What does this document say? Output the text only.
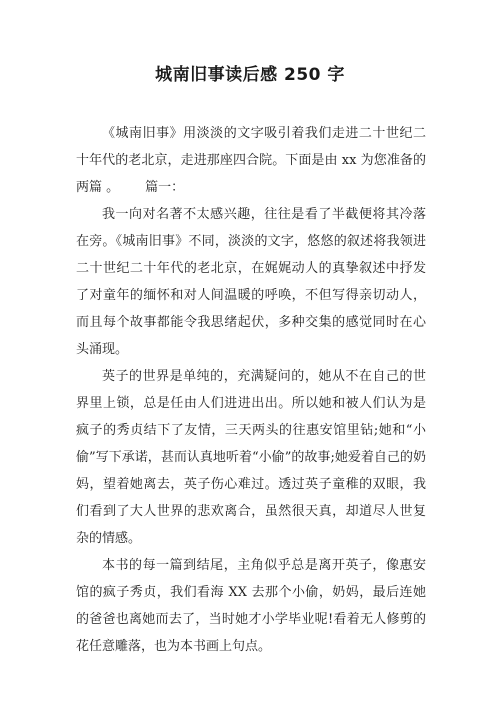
城南旧事读后感 250 字

《城南旧事》用淡淡的文字吸引着我们走进二十世纪二十年代的老北京，走进那座四合院。下面是由 xx 为您准备的两篇 。 篇一：

我一向对名著不太感兴趣，往往是看了半截便将其冷落在旁。《城南旧事》不同，淡淡的文字，悠悠的叙述将我领进二十世纪二十年代的老北京，在娓娓动人的真挚叙述中抒发了对童年的缅怀和对人间温暖的呼唤，不但写得亲切动人，而且每个故事都能令我思绪起伏，多种交集的感觉同时在心头涌现。

英子的世界是单纯的，充满疑问的，她从不在自己的世界里上锁，总是任由人们进进出出。所以她和被人们认为是疯子的秀贞结下了友情，三天两头的往惠安馆里钻;她和“小偷”写下承诺，甚而认真地听着“小偷”的故事;她爱着自己的奶妈，望着她离去，英子伤心难过。透过英子童稚的双眼，我们看到了大人世界的悲欢离合，虽然很天真，却道尽人世复杂的情感。

本书的每一篇到结尾，主角似乎总是离开英子，像惠安馆的疯子秀贞，我们看海 XX 去那个小偷，奶妈，最后连她的爸爸也离她而去了，当时她才小学毕业呢!看着无人修剪的花任意雕落，也为本书画上句点。
